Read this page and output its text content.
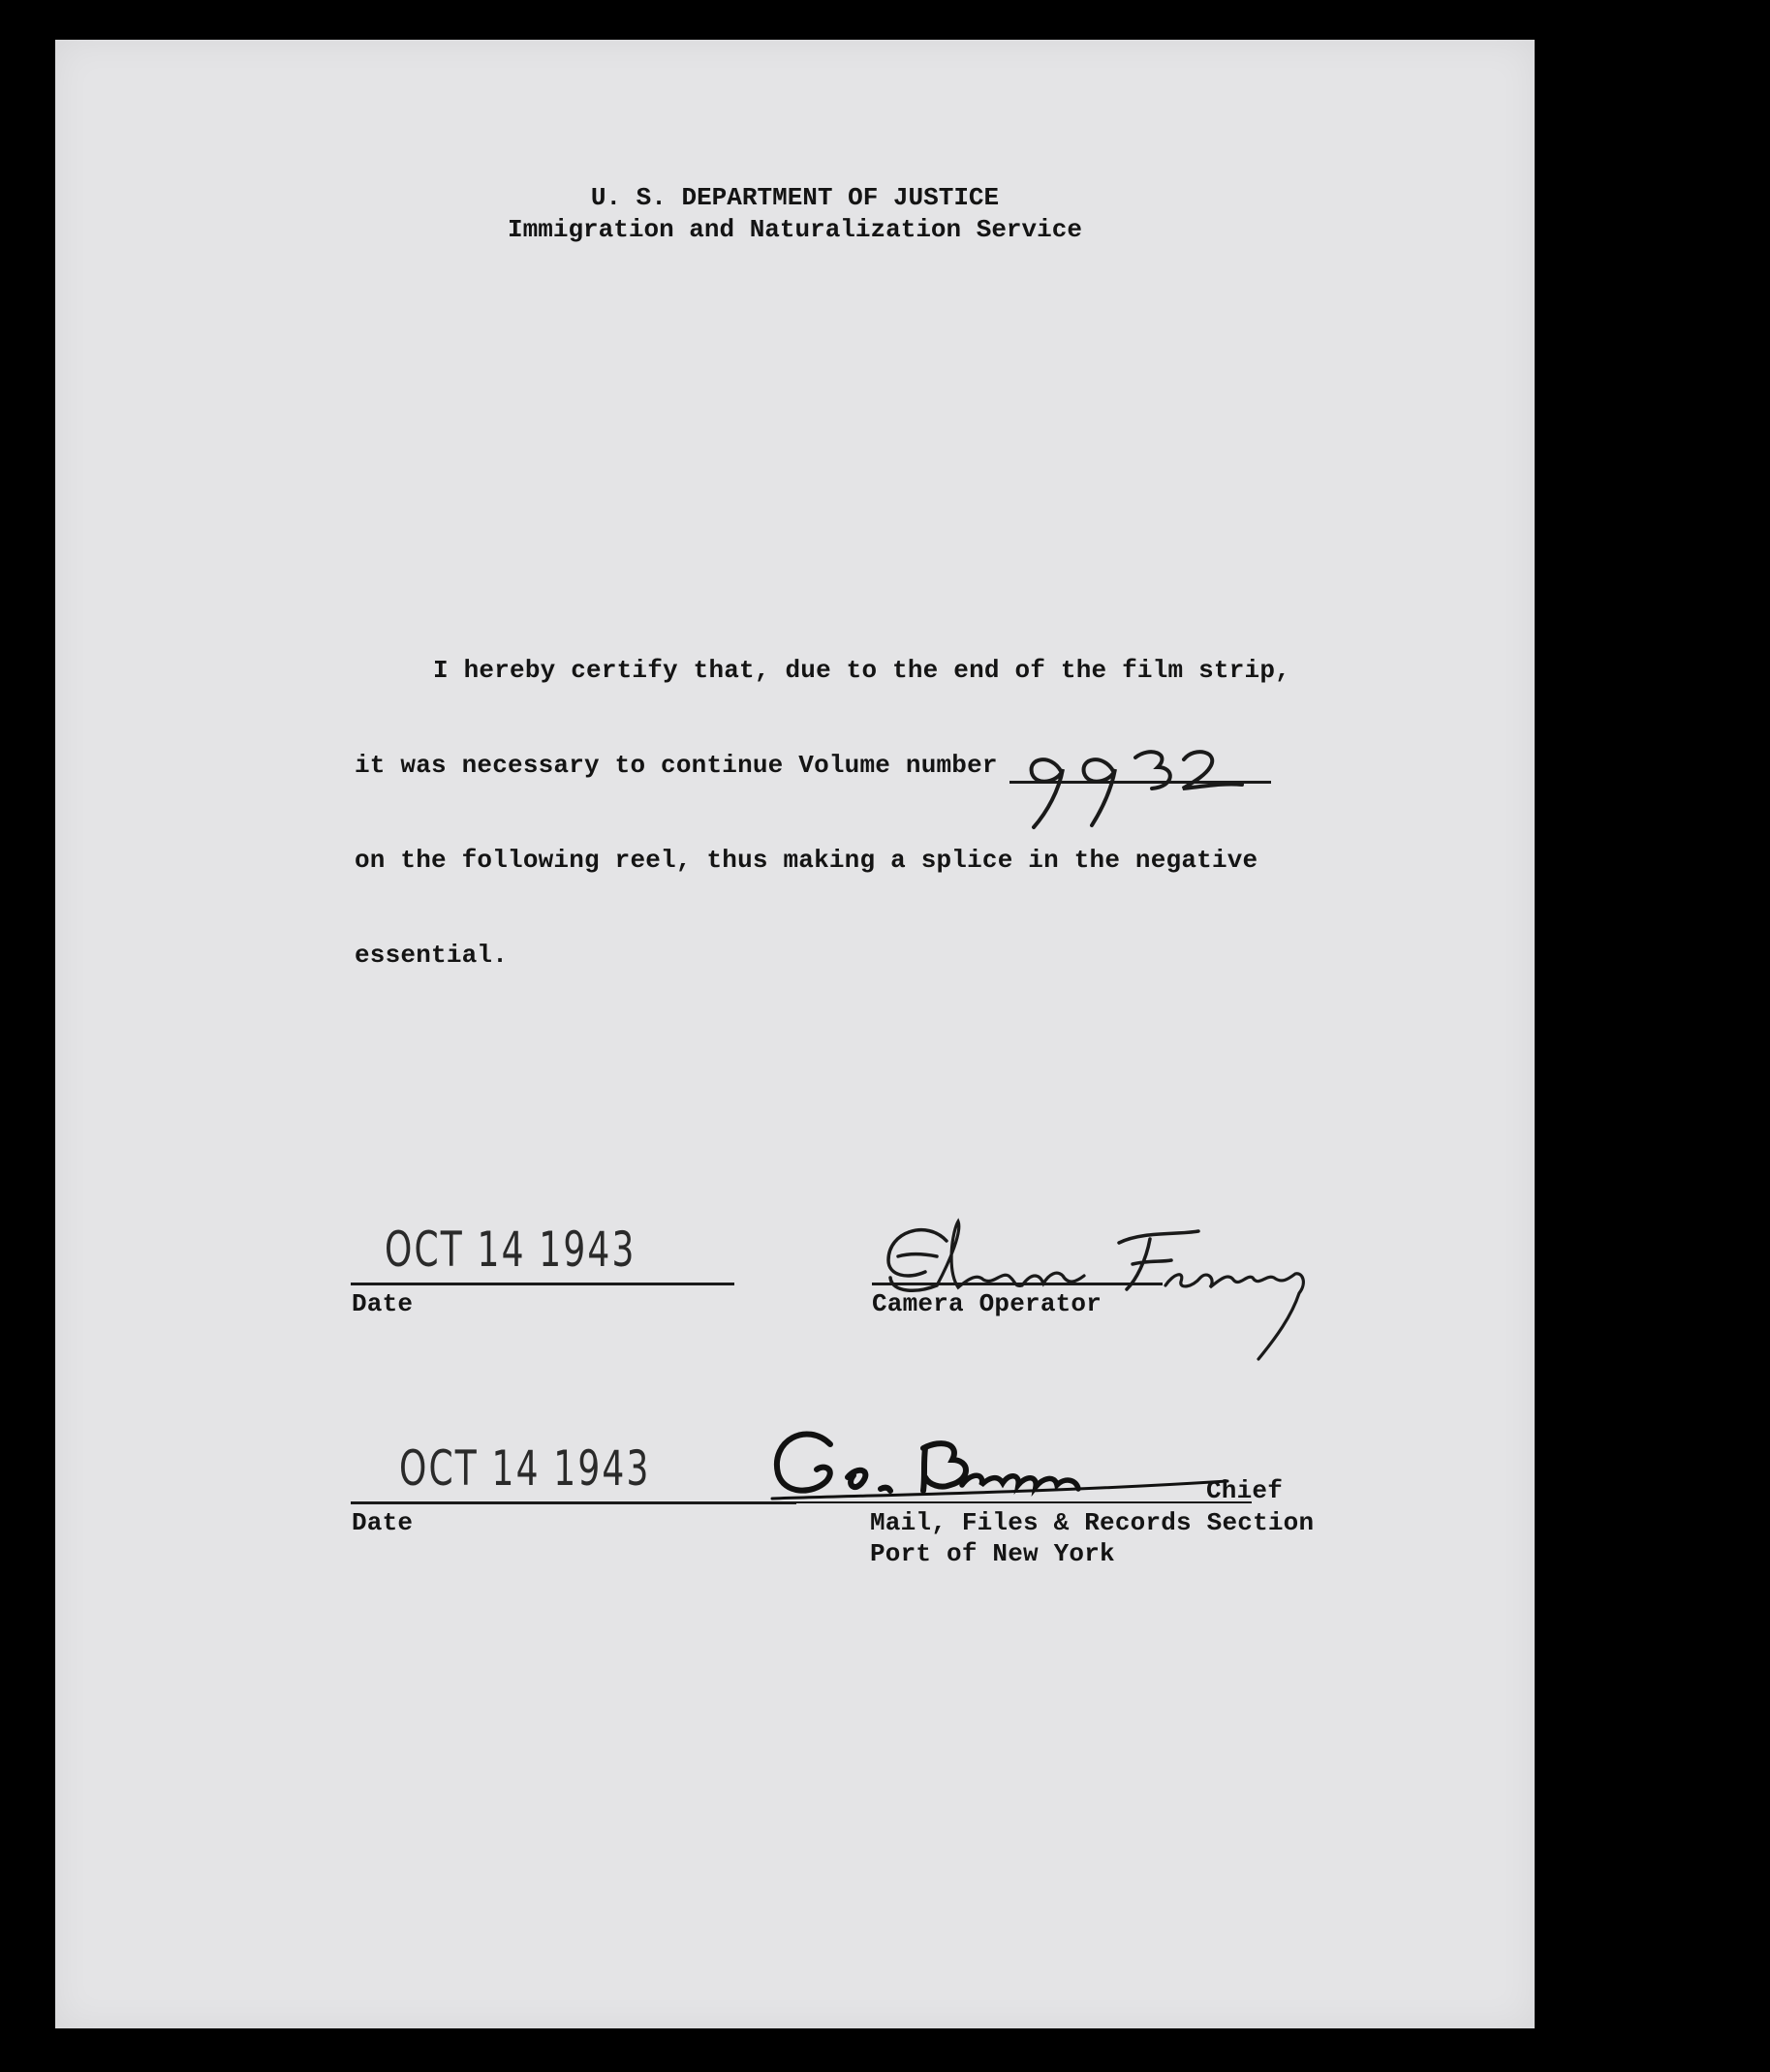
U. S. DEPARTMENT OF JUSTICE
Immigration and Naturalization Service
I hereby certify that, due to the end of the film strip,
it was necessary to continue Volume number
on the following reel, thus making a splice in the negative
essential.
OCT 14 1943
Date	Camera Operator
OCT 14 1943
Date
Chief
Mail, Files & Records Section
Port of New York
